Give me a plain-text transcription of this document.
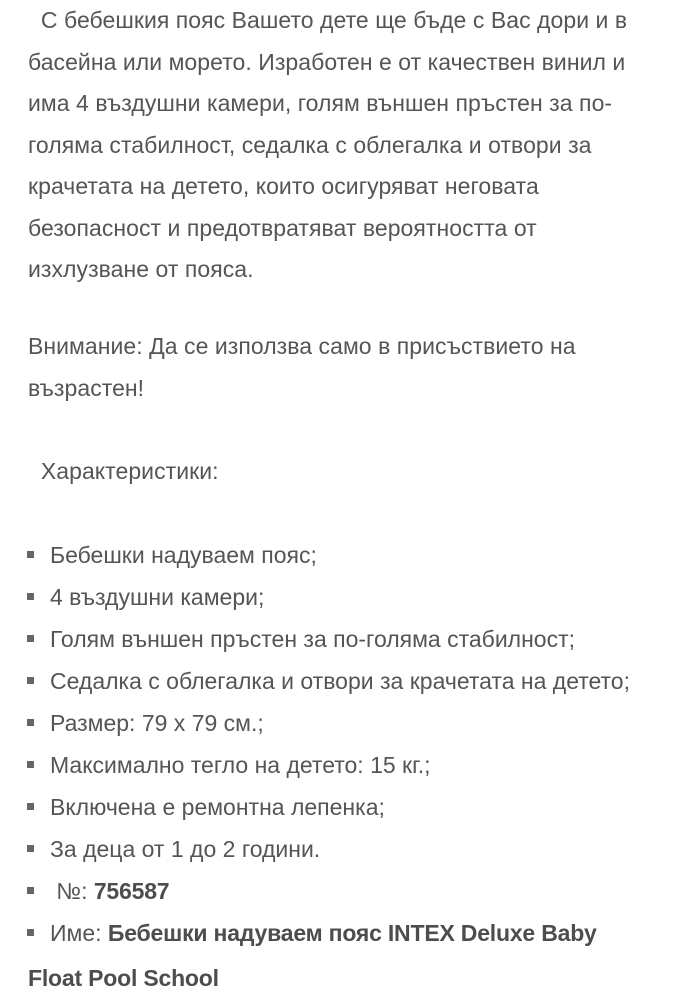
С бебешкия пояс Вашето дете ще бъде с Вас дори и в
басейна или морето. Изработен е от качествен винил и
има 4 въздушни камери, голям външен пръстен за по-
голяма стабилност, седалка с облегалка и отвори за
крачетата на детето, които осигуряват неговата
безопасност и предотвратяват вероятността от
изхлузване от пояса.

Внимание: Да се използва само в присъствието на
възрастен!

Характеристики:

Бебешки надуваем пояс;
4 въздушни камери;
Голям външен пръстен за по-голяма стабилност;
Седалка с облегалка и отвори за крачетата на детето;
Размер: 79 х 79 см.;
Максимално тегло на детето: 15 кг.;
Включена е ремонтна лепенка;
За деца от 1 до 2 години.
№: 756587
Име: Бебешки надуваем пояс INTEX Deluxe Baby
Float Pool School
